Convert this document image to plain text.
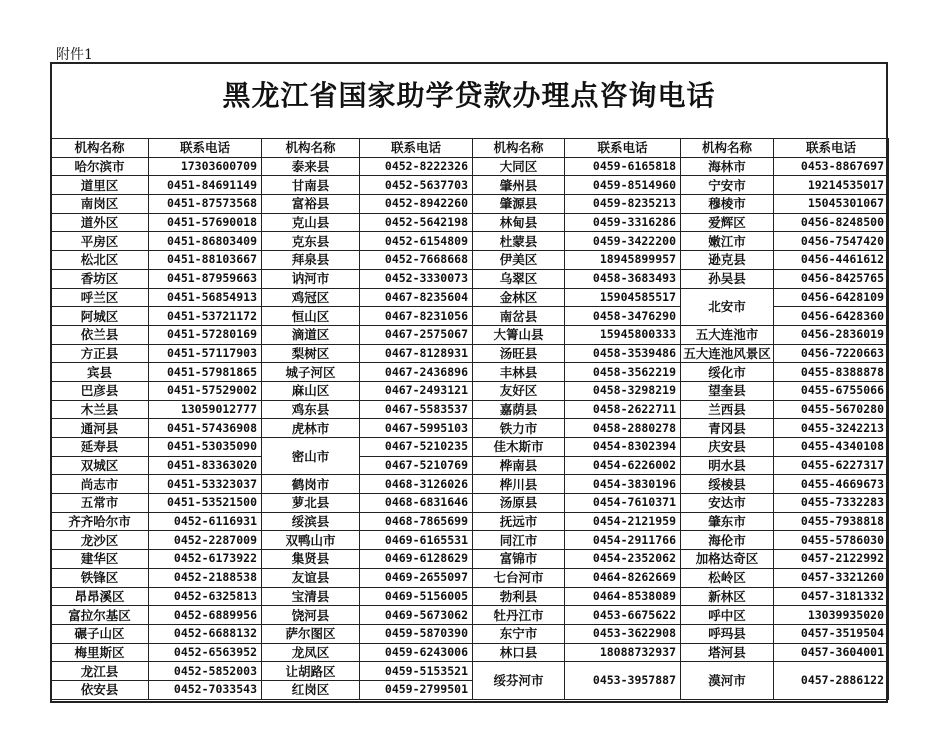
附件1
黑龙江省国家助学贷款办理点咨询电话
机构名称	联系电话	机构名称	联系电话	机构名称	联系电话	机构名称	联系电话
哈尔滨市	17303600709	泰来县	0452-8222326	大同区	0459-6165818	海林市	0453-8867697
道里区	0451-84691149	甘南县	0452-5637703	肇州县	0459-8514960	宁安市	19214535017
南岗区	0451-87573568	富裕县	0452-8942260	肇源县	0459-8235213	穆棱市	15045301067
道外区	0451-57690018	克山县	0452-5642198	林甸县	0459-3316286	爱辉区	0456-8248500
平房区	0451-86803409	克东县	0452-6154809	杜蒙县	0459-3422200	嫩江市	0456-7547420
松北区	0451-88103667	拜泉县	0452-7668668	伊美区	18945899957	逊克县	0456-4461612
香坊区	0451-87959663	讷河市	0452-3330073	乌翠区	0458-3683493	孙吴县	0456-8425765
呼兰区	0451-56854913	鸡冠区	0467-8235604	金林区	15904585517	北安市	0456-6428109
阿城区	0451-53721172	恒山区	0467-8231056	南岔县	0458-3476290		0456-6428360
依兰县	0451-57280169	滴道区	0467-2575067	大箐山县	15945800333	五大连池市	0456-2836019
方正县	0451-57117903	梨树区	0467-8128931	汤旺县	0458-3539486	五大连池风景区	0456-7220663
宾县	0451-57981865	城子河区	0467-2436896	丰林县	0458-3562219	绥化市	0455-8388878
巴彦县	0451-57529002	麻山区	0467-2493121	友好区	0458-3298219	望奎县	0455-6755066
木兰县	13059012777	鸡东县	0467-5583537	嘉荫县	0458-2622711	兰西县	0455-5670280
通河县	0451-57436908	虎林市	0467-5995103	铁力市	0458-2880278	青冈县	0455-3242213
延寿县	0451-53035090	密山市	0467-5210235	佳木斯市	0454-8302394	庆安县	0455-4340108
双城区	0451-83363020		0467-5210769	桦南县	0454-6226002	明水县	0455-6227317
尚志市	0451-53323037	鹤岗市	0468-3126026	桦川县	0454-3830196	绥棱县	0455-4669673
五常市	0451-53521500	萝北县	0468-6831646	汤原县	0454-7610371	安达市	0455-7332283
齐齐哈尔市	0452-6116931	绥滨县	0468-7865699	抚远市	0454-2121959	肇东市	0455-7938818
龙沙区	0452-2287009	双鸭山市	0469-6165531	同江市	0454-2911766	海伦市	0455-5786030
建华区	0452-6173922	集贤县	0469-6128629	富锦市	0454-2352062	加格达奇区	0457-2122992
铁锋区	0452-2188538	友谊县	0469-2655097	七台河市	0464-8262669	松岭区	0457-3321260
昂昂溪区	0452-6325813	宝清县	0469-5156005	勃利县	0464-8538089	新林区	0457-3181332
富拉尔基区	0452-6889956	饶河县	0469-5673062	牡丹江市	0453-6675622	呼中区	13039935020
碾子山区	0452-6688132	萨尔图区	0459-5870390	东宁市	0453-3622908	呼玛县	0457-3519504
梅里斯区	0452-6563952	龙凤区	0459-6243006	林口县	18088732937	塔河县	0457-3604001
龙江县	0452-5852003	让胡路区	0459-5153521	绥芬河市	0453-3957887	漠河市	0457-2886122
依安县	0452-7033543	红岗区	0459-2799501				
